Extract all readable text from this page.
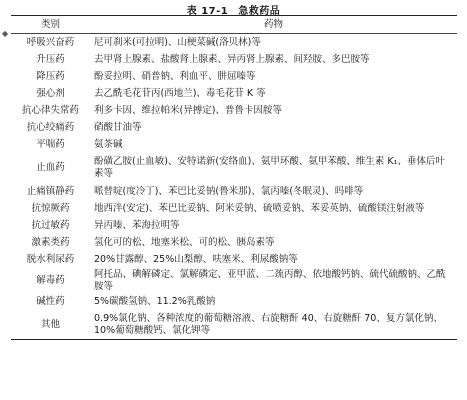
表 17-1 急救药品
◆
类别	药物
呼吸兴奋药	尼可刹米(可拉明)、山梗菜碱(洛贝林)等
升压药	去甲肾上腺素、盐酸肾上腺素、异丙肾上腺素、间羟胺、多巴胺等
降压药	酚妥拉明、硝普钠、利血平、肼屈嗪等
强心剂	去乙酰毛花苷丙(西地兰)、毒毛花苷 K 等
抗心律失常药	利多卡因、维拉帕米(异搏定)、普鲁卡因胺等
抗心绞痛药	硝酸甘油等
平喘药	氨茶碱
止血药	酚磺乙胺(止血敏)、安特诺新(安络血)、氨甲环酸、氨甲苯酸、维生素 K₁、垂体后叶素等
止痛镇静药	哌替啶(度冷丁)、苯巴比妥钠(鲁米那)、氯丙嗪(冬眠灵)、吗啡等
抗惊厥药	地西泮(安定)、苯巴比妥钠、阿米妥钠、硫喷妥钠、苯妥英钠、硫酸镁注射液等
抗过敏药	异丙嗪、苯海拉明等
激素类药	氢化可的松、地塞米松、可的松、胰岛素等
脱水利尿药	20%甘露醇、25%山梨醇、呋塞米、利尿酸钠等
解毒药	阿托品、碘解磷定、氯解磷定、亚甲蓝、二巯丙醇、依地酸钙钠、硫代硫酸钠、乙酰胺等
碱性药	5%碳酸氢钠、11.2%乳酸钠
其他	0.9%氯化钠、各种浓度的葡萄糖溶液、右旋糖酐 40、右旋糖酐 70、复方氯化钠、10%葡萄糖酸钙、氯化钾等
